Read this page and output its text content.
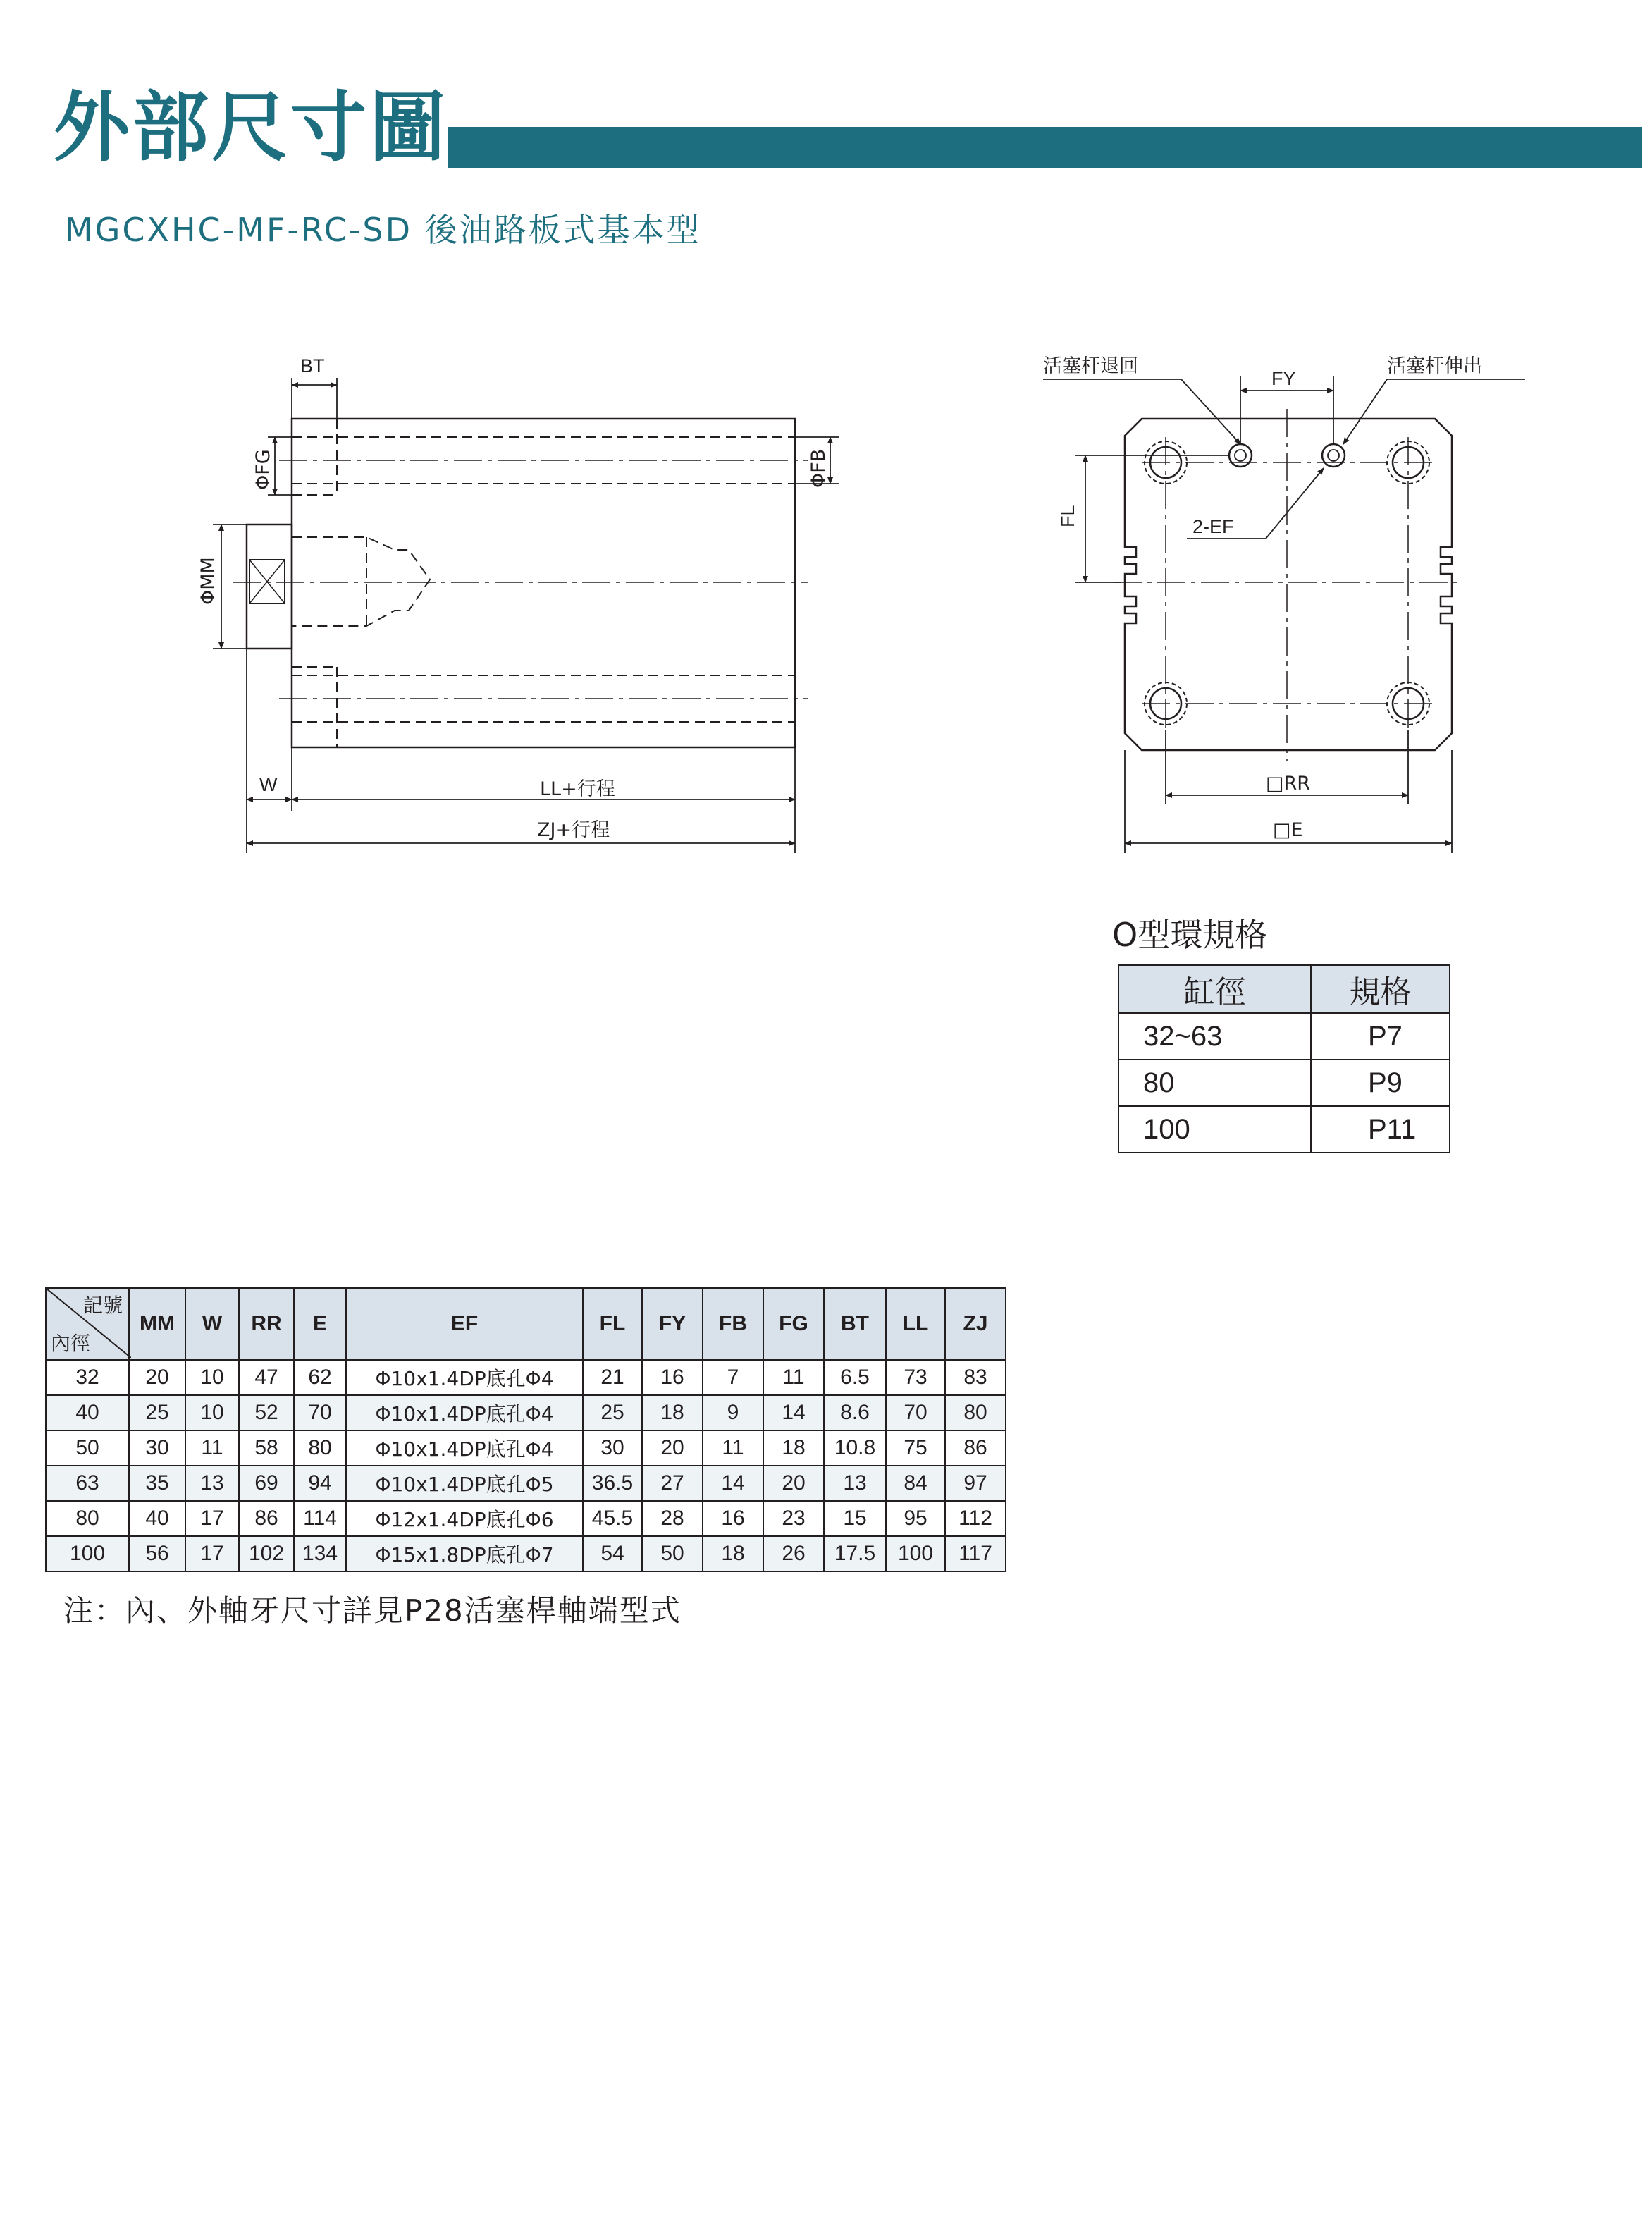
外部尺寸圖
MGCXHC-MF-RC-SD 後油路板式基本型
BT
ΦFG	ΦFB
ΦMM
W	LL+行程
ZJ+行程
活塞杆退回	活塞杆伸出
FY
FL	2-EF
□RR
□E
O型環規格
缸徑	規格
32~63	P7
80	P9
100	P11
記號
內徑	MM	W	RR	E	EF	FL	FY	FB	FG	BT	LL	ZJ
32	20	10	47	62	Φ10x1.4DP底孔Φ4	21	16	7	11	6.5	73	83
40	25	10	52	70	Φ10x1.4DP底孔Φ4	25	18	9	14	8.6	70	80
50	30	11	58	80	Φ10x1.4DP底孔Φ4	30	20	11	18	10.8	75	86
63	35	13	69	94	Φ10x1.4DP底孔Φ5	36.5	27	14	20	13	84	97
80	40	17	86	114	Φ12x1.4DP底孔Φ6	45.5	28	16	23	15	95	112
100	56	17	102	134	Φ15x1.8DP底孔Φ7	54	50	18	26	17.5	100	117
注：內、外軸牙尺寸詳見P28活塞桿軸端型式
